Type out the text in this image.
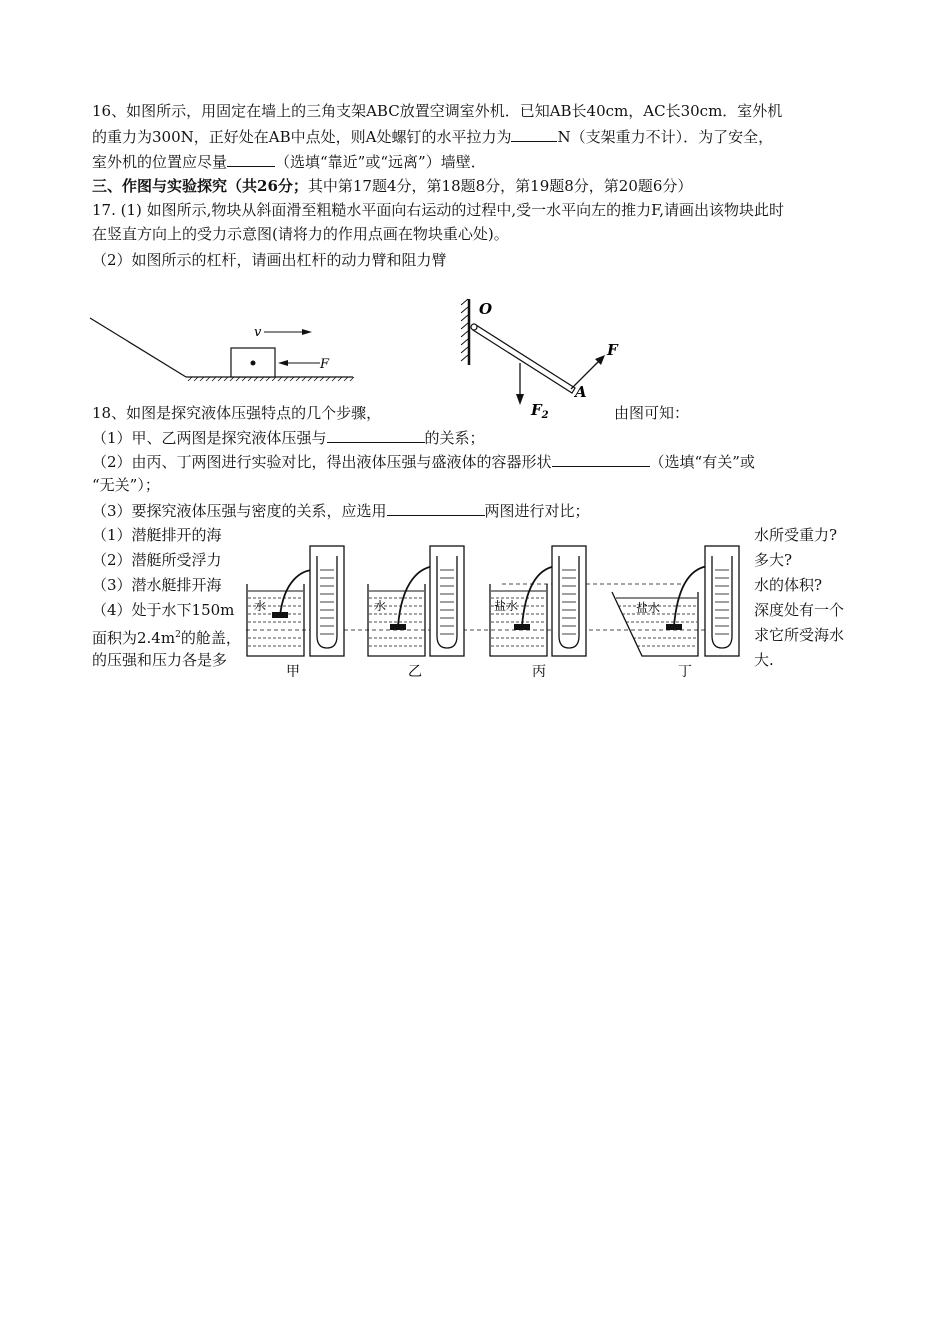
16、如图所示，用固定在墙上的三角支架ABC放置空调室外机．已知AB长40cm，AC长30cm．室外机
的重力为300N，正好处在AB中点处，则A处螺钉的水平拉力为	N（支架重力不计）．为了安全，
室外机的位置应尽量	（选填“靠近”或“远离”）墙壁．
三、作图与实验探究（共26分；其中第17题4分，第18题8分，第19题8分，第20题6分）
17. (1) 如图所示,物块从斜面滑至粗糙水平面向右运动的过程中,受一水平向左的推力F,请画出该物块此时
在竖直方向上的受力示意图(请将力的作用点画在物块重心处)。
（2）如图所示的杠杆，请画出杠杆的动力臂和阻力臂
v
F
O
$F_2$
F
A
18、如图是探究液体压强特点的几个步骤，	由图可知：
（1）甲、乙两图是探究液体压强与	的关系；
（2）由丙、丁两图进行实验对比，得出液体压强与盛液体的容器形状	（选填“有关”或
“无关”）；
（3）要探究液体压强与密度的关系，应选用	两图进行对比；
（1）潜艇排开的海
（2）潜艇所受浮力
（3）潜水艇排开海
（4）处于水下150m
面积为$2.4m^2$的舱盖，
的压强和压力各是多
水所受重力?
多大?
水的体积?
深度处有一个
求它所受海水
大.
水
甲
水
乙
盐水
丙
盐水
丁
